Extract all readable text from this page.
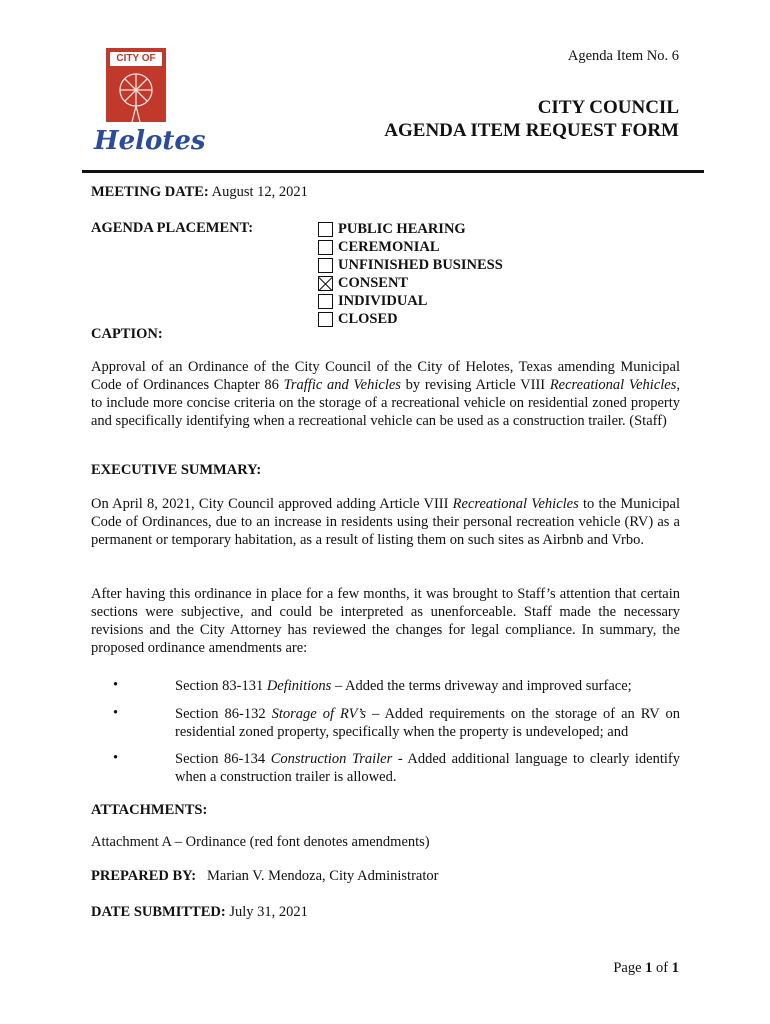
CITY OF
Helotes
Agenda Item No. 6
CITY COUNCIL
AGENDA ITEM REQUEST FORM
MEETING DATE: August 12, 2021
AGENDA PLACEMENT:	PUBLIC HEARING
CEREMONIAL
UNFINISHED BUSINESS
CONSENT
INDIVIDUAL
CLOSED
CAPTION:
Approval of an Ordinance of the City Council of the City of Helotes, Texas amending Municipal Code of Ordinances Chapter 86 Traffic and Vehicles by revising Article VIII Recreational Vehicles, to include more concise criteria on the storage of a recreational vehicle on residential zoned property and specifically identifying when a recreational vehicle can be used as a construction trailer. (Staff)
EXECUTIVE SUMMARY:
On April 8, 2021, City Council approved adding Article VIII Recreational Vehicles to the Municipal Code of Ordinances, due to an increase in residents using their personal recreation vehicle (RV) as a permanent or temporary habitation, as a result of listing them on such sites as Airbnb and Vrbo.
After having this ordinance in place for a few months, it was brought to Staff’s attention that certain sections were subjective, and could be interpreted as unenforceable. Staff made the necessary revisions and the City Attorney has reviewed the changes for legal compliance. In summary, the proposed ordinance amendments are:
•	Section 83-131 Definitions – Added the terms driveway and improved surface;
•	Section 86-132 Storage of RV’s – Added requirements on the storage of an RV on residential zoned property, specifically when the property is undeveloped; and
•	Section 86-134 Construction Trailer - Added additional language to clearly identify when a construction trailer is allowed.
ATTACHMENTS:
Attachment A – Ordinance (red font denotes amendments)
PREPARED BY: Marian V. Mendoza, City Administrator
DATE SUBMITTED: July 31, 2021
Page 1 of 1
